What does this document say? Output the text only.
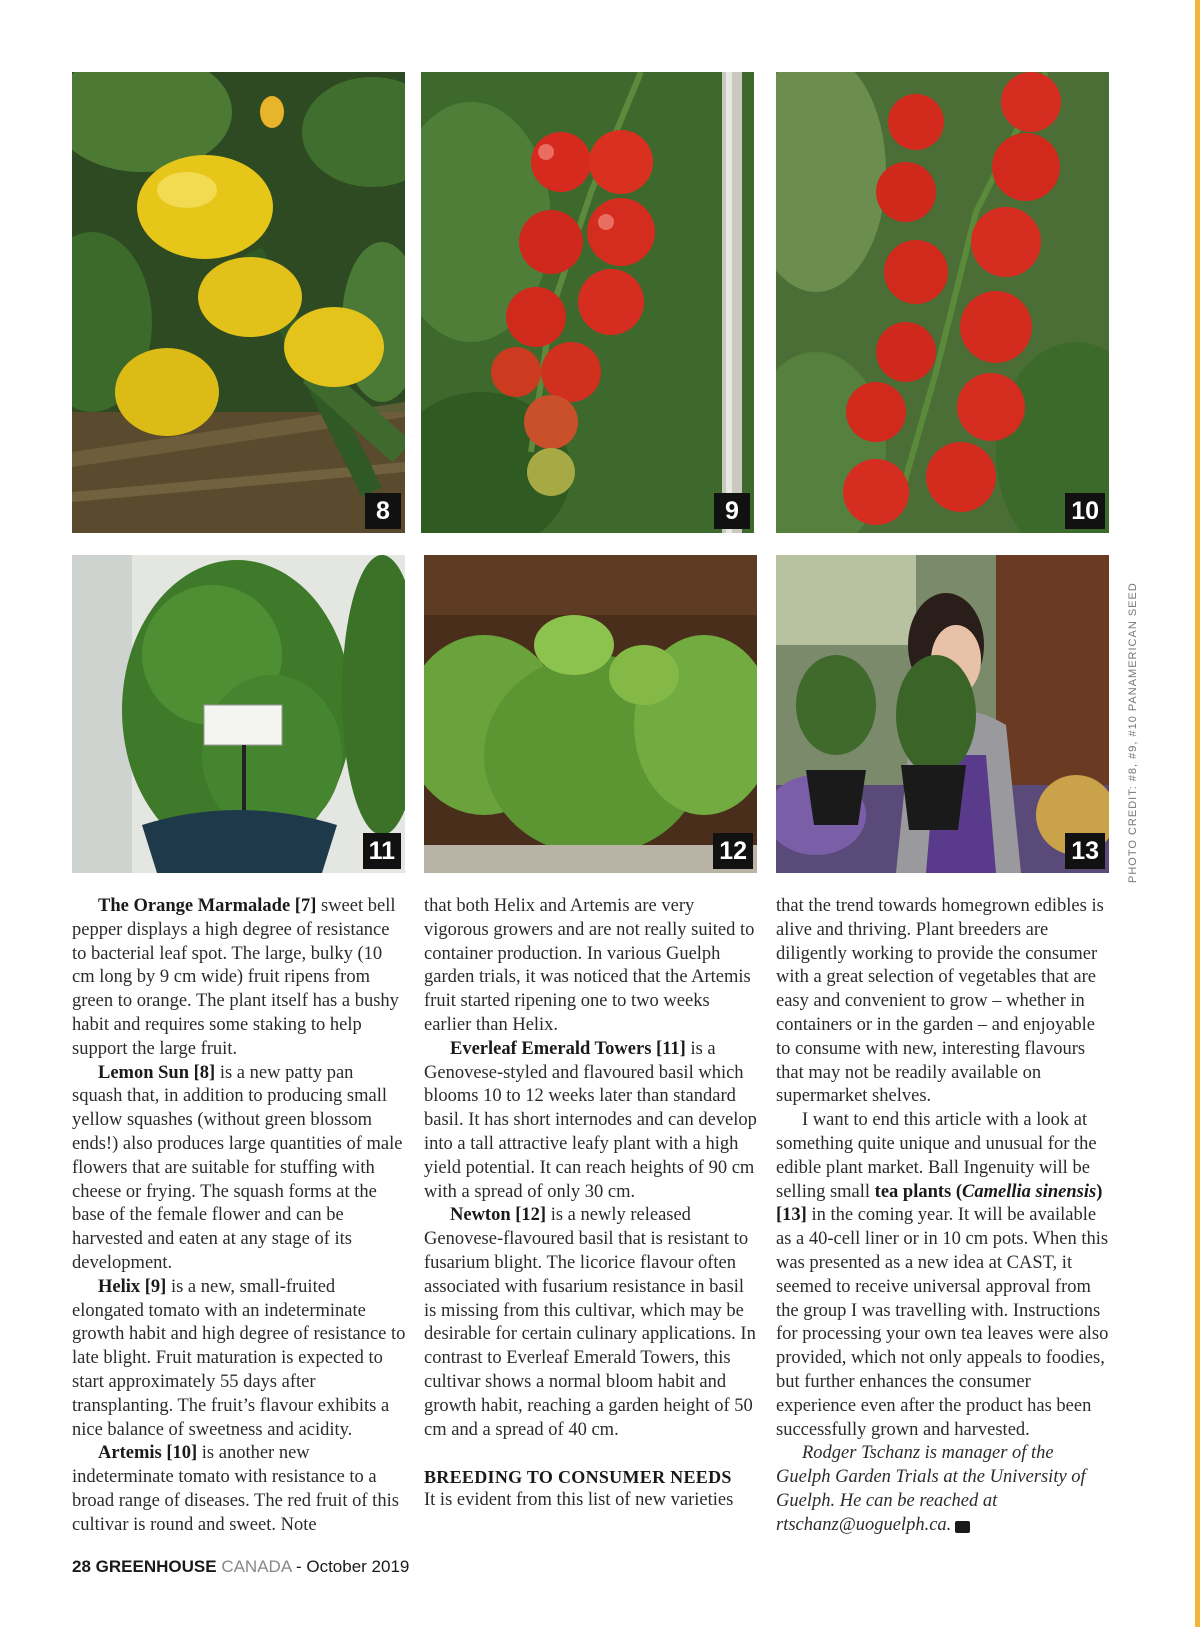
8	9	10
11	12	13	PHOTO CREDIT: #8, #9, #10 PANAMERICAN SEED

The Orange Marmalade [7] sweet bell pepper displays a high degree of resistance to bacterial leaf spot. The large, bulky (10 cm long by 9 cm wide) fruit ripens from green to orange. The plant itself has a bushy habit and requires some staking to help support the large fruit.

Lemon Sun [8] is a new patty pan squash that, in addition to producing small yellow squashes (without green blossom ends!) also produces large quantities of male flowers that are suitable for stuffing with cheese or frying. The squash forms at the base of the female flower and can be harvested and eaten at any stage of its development.

Helix [9] is a new, small-fruited elongated tomato with an indeterminate growth habit and high degree of resistance to late blight. Fruit maturation is expected to start approximately 55 days after transplanting. The fruit’s flavour exhibits a nice balance of sweetness and acidity.

Artemis [10] is another new indeterminate tomato with resistance to a broad range of diseases. The red fruit of this cultivar is round and sweet. Note

that both Helix and Artemis are very vigorous growers and are not really suited to container production. In various Guelph garden trials, it was noticed that the Artemis fruit started ripening one to two weeks earlier than Helix.

Everleaf Emerald Towers [11] is a Genovese-styled and flavoured basil which blooms 10 to 12 weeks later than standard basil. It has short internodes and can develop into a tall attractive leafy plant with a high yield potential. It can reach heights of 90 cm with a spread of only 30 cm.

Newton [12] is a newly released Genovese-flavoured basil that is resistant to fusarium blight. The licorice flavour often associated with fusarium resistance in basil is missing from this cultivar, which may be desirable for certain culinary applications. In contrast to Everleaf Emerald Towers, this cultivar shows a normal bloom habit and growth habit, reaching a garden height of 50 cm and a spread of 40 cm.

BREEDING TO CONSUMER NEEDS

It is evident from this list of new varieties

that the trend towards homegrown edibles is alive and thriving. Plant breeders are diligently working to provide the consumer with a great selection of vegetables that are easy and convenient to grow – whether in containers or in the garden – and enjoyable to consume with new, interesting flavours that may not be readily available on supermarket shelves.

I want to end this article with a look at something quite unique and unusual for the edible plant market. Ball Ingenuity will be selling small tea plants (Camellia sinensis) [13] in the coming year. It will be available as a 40-cell liner or in 10 cm pots. When this was presented as a new idea at CAST, it seemed to receive universal approval from the group I was travelling with. Instructions for processing your own tea leaves were also provided, which not only appeals to foodies, but further enhances the consumer experience even after the product has been successfully grown and harvested.

Rodger Tschanz is manager of the Guelph Garden Trials at the University of Guelph. He can be reached at rtschanz@uoguelph.ca.	GC

28 GREENHOUSE CANADA - October 2019
